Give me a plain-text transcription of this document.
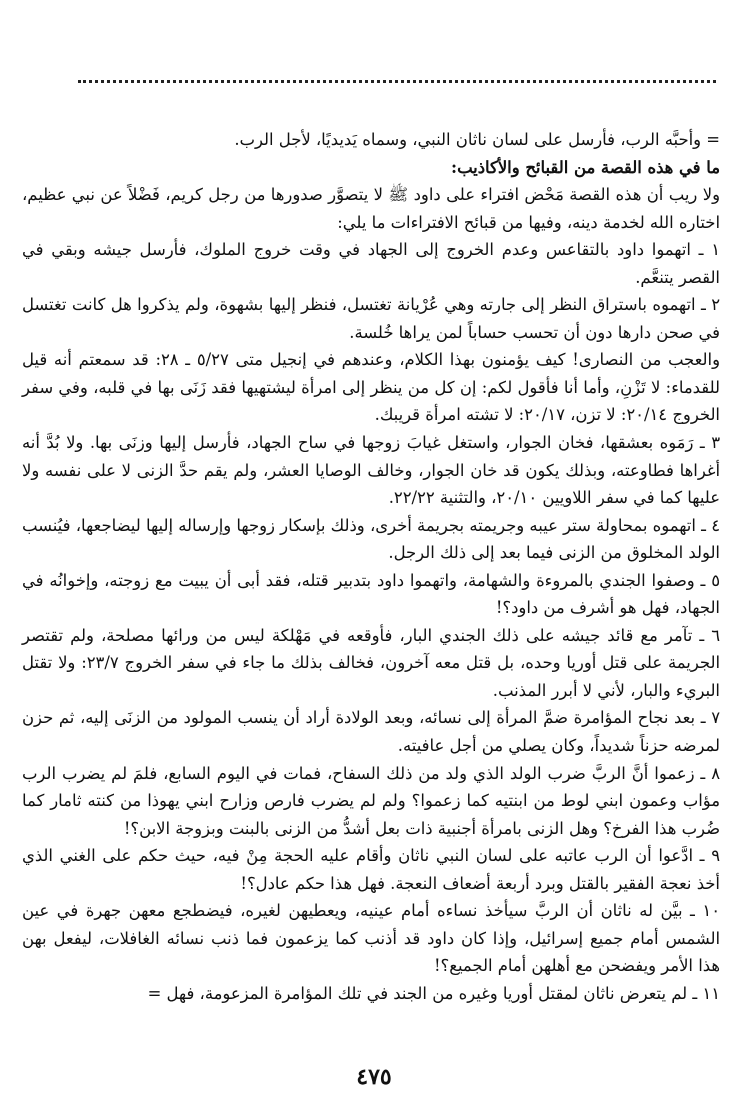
= وأحبَّه الرب، فأرسل على لسان ناثان النبي، وسماه يَديديًا، لأجل الرب.

ما في هذه القصة من القبائح والأكاذيب:

ولا ريب أن هذه القصة مَحْض افتراء على داود ﷺ لا يتصوَّر صدورها من رجل كريم، فَضْلاً عن نبي عظيم، اختاره الله لخدمة دينه، وفيها من قبائح الافتراءات ما يلي:

١ ـ اتهموا داود بالتقاعس وعدم الخروج إلى الجهاد في وقت خروج الملوك، فأرسل جيشه وبقي في القصر يتنعَّم.

٢ ـ اتهموه باستراق النظر إلى جارته وهي عُرْيانة تغتسل، فنظر إليها بشهوة، ولم يذكروا هل كانت تغتسل في صحن دارها دون أن تحسب حساباً لمن يراها خُلسة.

والعجب من النصارى! كيف يؤمنون بهذا الكلام، وعندهم في إنجيل متى ٥/٢٧ ـ ٢٨: قد سمعتم أنه قيل للقدماء: لا تَزْنِ، وأما أنا فأقول لكم: إن كل من ينظر إلى امرأة ليشتهيها فقد زَنَى بها في قلبه، وفي سفر الخروج ٢٠/١٤: لا تزن، ٢٠/١٧: لا تشته امرأة قريبك.

٣ ـ رَمَوه بعشقها، فخان الجوار، واستغل غيابَ زوجها في ساح الجهاد، فأرسل إليها وزنَى بها. ولا بُدَّ أنه أغراها فطاوعته، وبذلك يكون قد خان الجوار، وخالف الوصايا العشر، ولم يقم حدَّ الزنى لا على نفسه ولا عليها كما في سفر اللاويين ٢٠/١٠، والتثنية ٢٢/٢٢.

٤ ـ اتهموه بمحاولة ستر عيبه وجريمته بجريمة أخرى، وذلك بإسكار زوجها وإرساله إليها ليضاجعها، فيُنسب الولد المخلوق من الزنى فيما بعد إلى ذلك الرجل.

٥ ـ وصفوا الجندي بالمروءة والشهامة، واتهموا داود بتدبير قتله، فقد أبى أن يبيت مع زوجته، وإخوانُه في الجهاد، فهل هو أشرف من داود؟!

٦ ـ تآمر مع قائد جيشه على ذلك الجندي البار، فأوقعه في مَهْلكة ليس من ورائها مصلحة، ولم تقتصر الجريمة على قتل أوريا وحده، بل قتل معه آخرون، فخالف بذلك ما جاء في سفر الخروج ٢٣/٧: ولا تقتل البريء والبار، لأني لا أبرر المذنب.

٧ ـ بعد نجاح المؤامرة ضمَّ المرأة إلى نسائه، وبعد الولادة أراد أن ينسب المولود من الزنَى إليه، ثم حزن لمرضه حزناً شديداً، وكان يصلي من أجل عافيته.

٨ ـ زعموا أنَّ الربَّ ضرب الولد الذي ولد من ذلك السفاح، فمات في اليوم السابع، فلمَ لم يضرب الرب مؤاب وعمون ابني لوط من ابنتيه كما زعموا؟ ولم لم يضرب فارص وزارح ابني يهوذا من كنته ثامار كما ضُرب هذا الفرخ؟ وهل الزنى بامرأة أجنبية ذات بعل أشدُّ من الزنى بالبنت وبزوجة الابن؟!

٩ ـ ادَّعوا أن الرب عاتبه على لسان النبي ناثان وأقام عليه الحجة مِنْ فيه، حيث حكم على الغني الذي أخذ نعجة الفقير بالقتل وبرد أربعة أضعاف النعجة. فهل هذا حكم عادل؟!

١٠ ـ بيَّن له ناثان أن الربَّ سيأخذ نساءه أمام عينيه، ويعطيهن لغيره، فيضطجع معهن جهرة في عين الشمس أمام جميع إسرائيل، وإذا كان داود قد أذنب كما يزعمون فما ذنب نسائه الغافلات، ليفعل بهن هذا الأمر ويفضحن مع أهلهن أمام الجميع؟!

١١ ـ لم يتعرض ناثان لمقتل أوريا وغيره من الجند في تلك المؤامرة المزعومة، فهل =

٤٧٥
